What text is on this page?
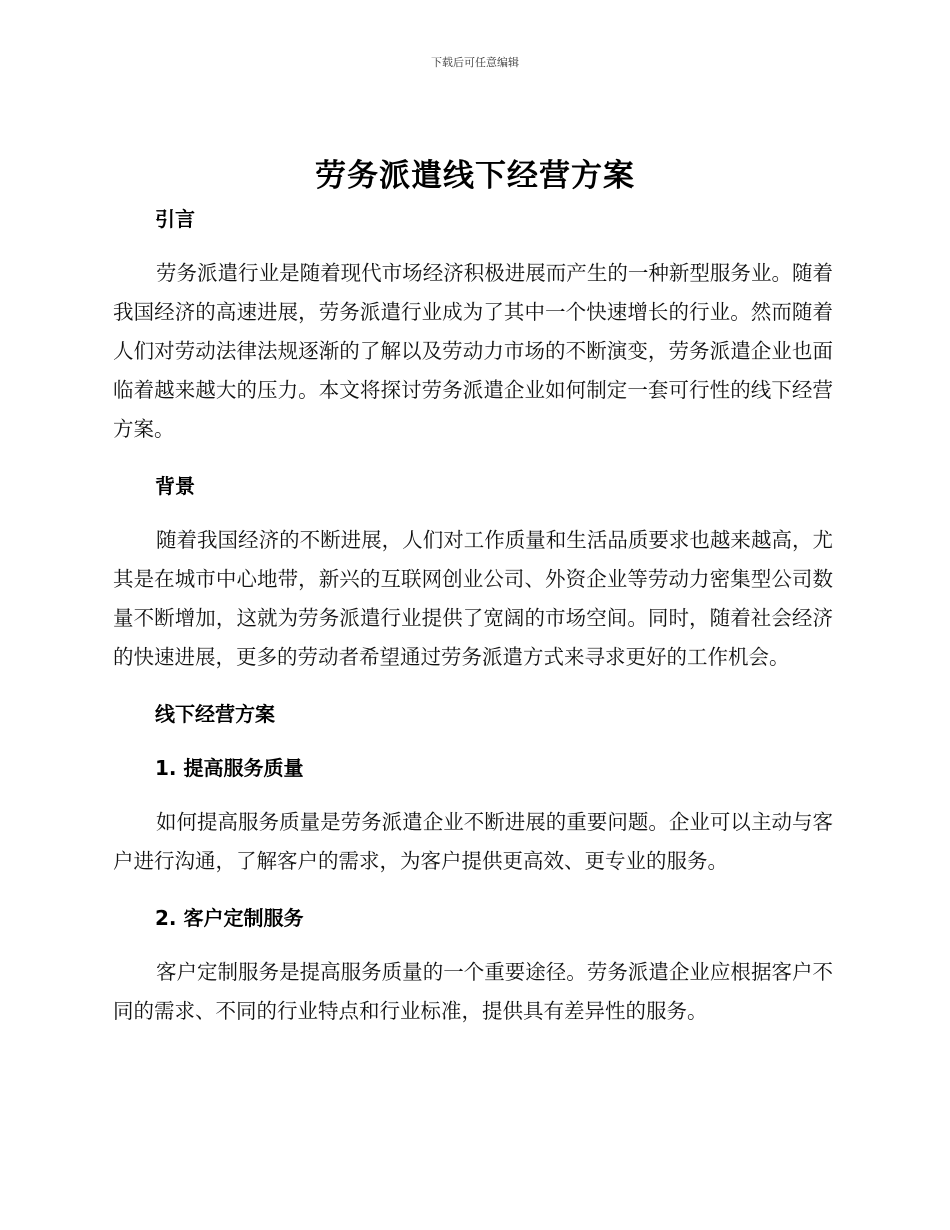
下载后可任意编辑
劳务派遣线下经营方案
引言

劳务派遣行业是随着现代市场经济积极进展而产生的一种新型服务业。随着我国经济的高速进展，劳务派遣行业成为了其中一个快速增长的行业。然而随着人们对劳动法律法规逐渐的了解以及劳动力市场的不断演变，劳务派遣企业也面临着越来越大的压力。本文将探讨劳务派遣企业如何制定一套可行性的线下经营方案。

背景

随着我国经济的不断进展，人们对工作质量和生活品质要求也越来越高，尤其是在城市中心地带，新兴的互联网创业公司、外资企业等劳动力密集型公司数量不断增加，这就为劳务派遣行业提供了宽阔的市场空间。同时，随着社会经济的快速进展，更多的劳动者希望通过劳务派遣方式来寻求更好的工作机会。

线下经营方案
1. 提高服务质量

如何提高服务质量是劳务派遣企业不断进展的重要问题。企业可以主动与客户进行沟通，了解客户的需求，为客户提供更高效、更专业的服务。

2. 客户定制服务

客户定制服务是提高服务质量的一个重要途径。劳务派遣企业应根据客户不同的需求、不同的行业特点和行业标准，提供具有差异性的服务。
